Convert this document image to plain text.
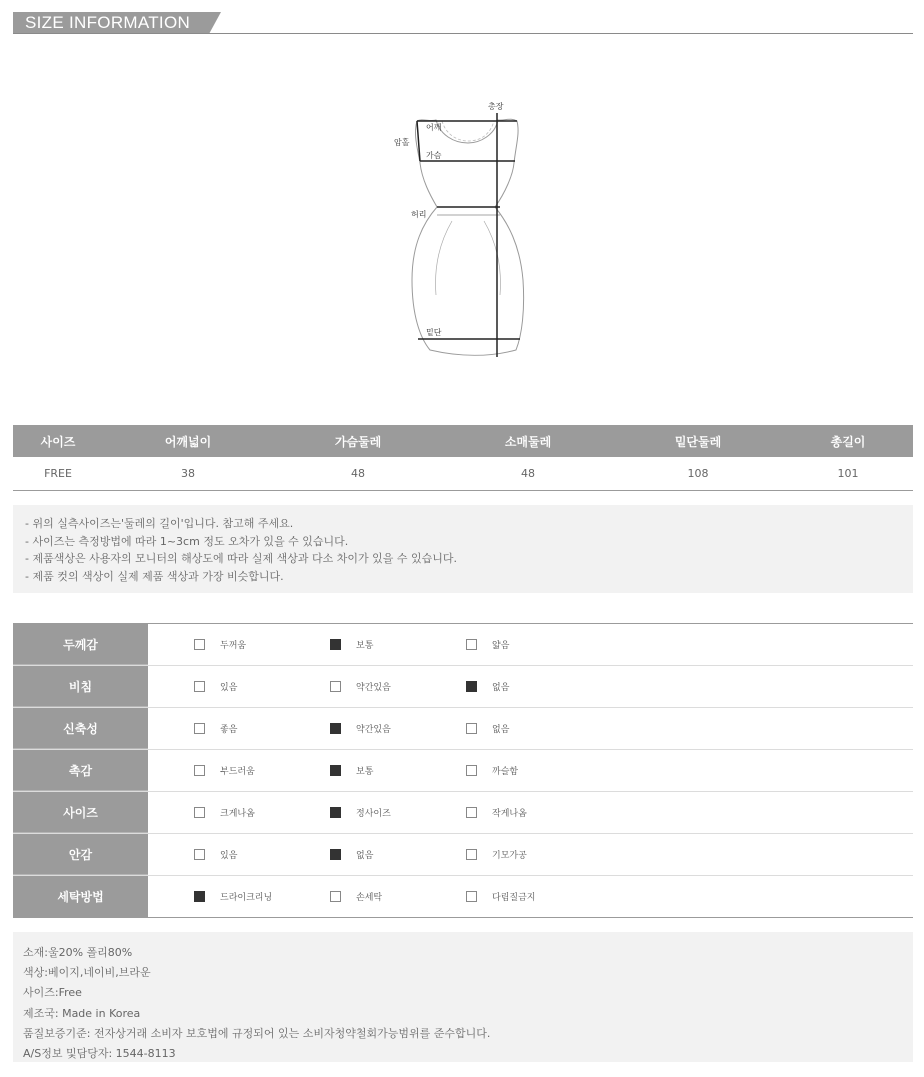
SIZE INFORMATION
총장
어깨
암홀
가슴
허리
밑단
사이즈	어깨넓이	가슴둘레	소매둘레	밑단둘레	총길이
FREE	38	48	48	108	101

- 위의 실측사이즈는'둘레의 길이'입니다. 참고해 주세요.

- 사이즈는 측정방법에 따라 1~3cm 정도 오차가 있을 수 있습니다.

- 제품색상은 사용자의 모니터의 해상도에 따라 실제 색상과 다소 차이가 있을 수 있습니다.

- 제품 컷의 색상이 실제 제품 색상과 가장 비슷합니다.

두께감	두꺼움	보통	얇음
비침	있음	약간있음	없음
신축성	좋음	약간있음	없음
촉감	부드러움	보통	까슬함
사이즈	크게나옴	정사이즈	작게나옴
안감	있음	없음	기모가공
세탁방법	드라이크리닝	손세탁	다림질금지

소재:울20% 폴리80%

색상:베이지,네이비,브라운

사이즈:Free

제조국: Made in Korea

품질보증기준: 전자상거래 소비자 보호법에 규정되어 있는 소비자청약철회가능범위를 준수합니다.

A/S정보 및담당자: 1544-8113
